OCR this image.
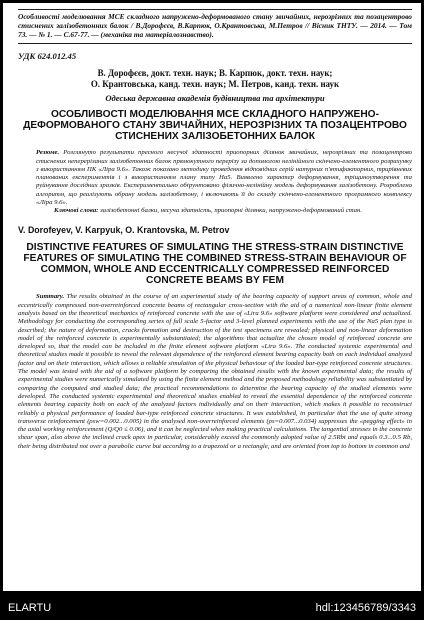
Особливості моделювання МСЕ складного напружено-деформованого стану звичайних, нерозрізних та позацентрово стиснених залізобетонних балок / В.Дорофєєв, В.Карпюк, О.Крантовська, М.Петров // Вісник ТНТУ. — 2014. — Том 73. — № 1. — С.67-77. — (механіка та матеріалознавство).
УДК 624.012.45
В. Дорофєєв, докт. техн. наук; В. Карпюк, докт. техн. наук;
О. Крантовська, канд. техн. наук; М. Петров, канд. техн. наук
Одеська державна академія будівництва та архітектури
ОСОБЛИВОСТІ МОДЕЛЮВАННЯ МСЕ СКЛАДНОГО НАПРУЖЕНО-ДЕФОРМОВАНОГО СТАНУ ЗВИЧАЙНИХ, НЕРОЗРІЗНИХ ТА ПОЗАЦЕНТРОВО СТИСНЕНИХ ЗАЛІЗОБЕТОННИХ БАЛОК
Резюме. Розглянуто результати пресного несучої здатності приопорних ділянок звичайних, нерозрізних та позацентрово стиснених неперерізаних залізобетонних балок прямокутного перерізу за допомогою нелінійного скінчено-елементного розрахунку з використанням ПК «Ліра 9.6». Також показано методику проведення відповідних серій натурних п'ятифакторних, трирівневих планованих експериментів і з використанням плану типу Ha5. Виявлено характер деформування, тріщиноутворення та руйнування дослідних зразків. Експериментально обґрунтовано фізично-нелінійну модель деформування залізобетону. Розроблено алгоритм, що реалізують обрану модель залізобетону, і включають її до складу скінчено-елементного програмного комплексу «Ліра 9.6».
Ключові слова: залізобетонні балки, несуча здатність, приопорні ділянки, напружено-деформований стан.
V. Dorofeyev, V. Karpyuk, O. Krantovska, M. Petrov
DISTINCTIVE FEATURES OF SIMULATING THE STRESS-STRAIN DISTINCTIVE FEATURES OF SIMULATING THE COMBINED STRESS-STRAIN BEHAVIOUR OF COMMON, WHOLE AND ECCENTRICALLY COMPRESSED REINFORCED CONCRETE BEAMS BY FEM
Summary. The results obtained in the course of an experimental study of the bearing capacity of support areas of common, whole and eccentrically compressed non-overreinforced concrete beams of rectangular cross-section with the aid of a numerical non-linear finite element analysis based on the theoretical mechanics of reinforced concrete with the use of «Lira 9.6» software platform were considered and actualized. Methodology for conducting the corresponding series of full scale 5-factor and 3-level planned experiments with the use of the Na5 plan type is described; the nature of deformation, cracks formation and destruction of the test specimens are revealed; physical and non-linear deformation model of the reinforced concrete is experimentally substantiated; the algorithms that actualize the chosen model of reinforced concrete are developed so, that the model can be included in the finite element software platform «Lira 9.6». The conducted systemic experimental and theoretical studies made it possible to reveal the relevant dependence of the reinforced element bearing capacity both on each individual analyzed factor and on their interaction, which allows a reliable simulation of the physical behaviour of the loaded bar-type reinforced concrete structures. The model was tested with the aid of a software platform by comparing the obtained results with the known experimental data; the results of experimental studies were numerically simulated by using the finite element method and the proposed methodology reliability was substantiated by comparing the computed and studied data; the practical recommendations to determine the bearing capacity of the studied elements were developed. The conducted systemic experimental and theoretical studies enabled to reveal the essential dependence of the reinforced concrete elements bearing capacity both on each of the analyzed factors individually and on their interaction, which makes it possible to reconstruct reliably a physical performance of loaded bar-type reinforced concrete structures. It was established, in particular that the use of quite strong transverse reinforcement (ρsw=0.002...0.005) in the analysed non-overreinforced elements (ρs=0.007...0.034) suppresses the «pegging effect» in the axial working reinforcement (Q/Q0 ≤ 0.06), and it can be neglected when making practical calculations. The tangential stresses in the concrete shear span, also above the inclined crack apex in particular, considerably exceed the commonly adopted value of 2.5Rbt and equals 0.3...0.5 Rb, their being distributed not over a parabolic curve but according to a trapezoid or a rectangle, and are oriented from top to bottom in common and
ELARTU	hdl:123456789/3343
